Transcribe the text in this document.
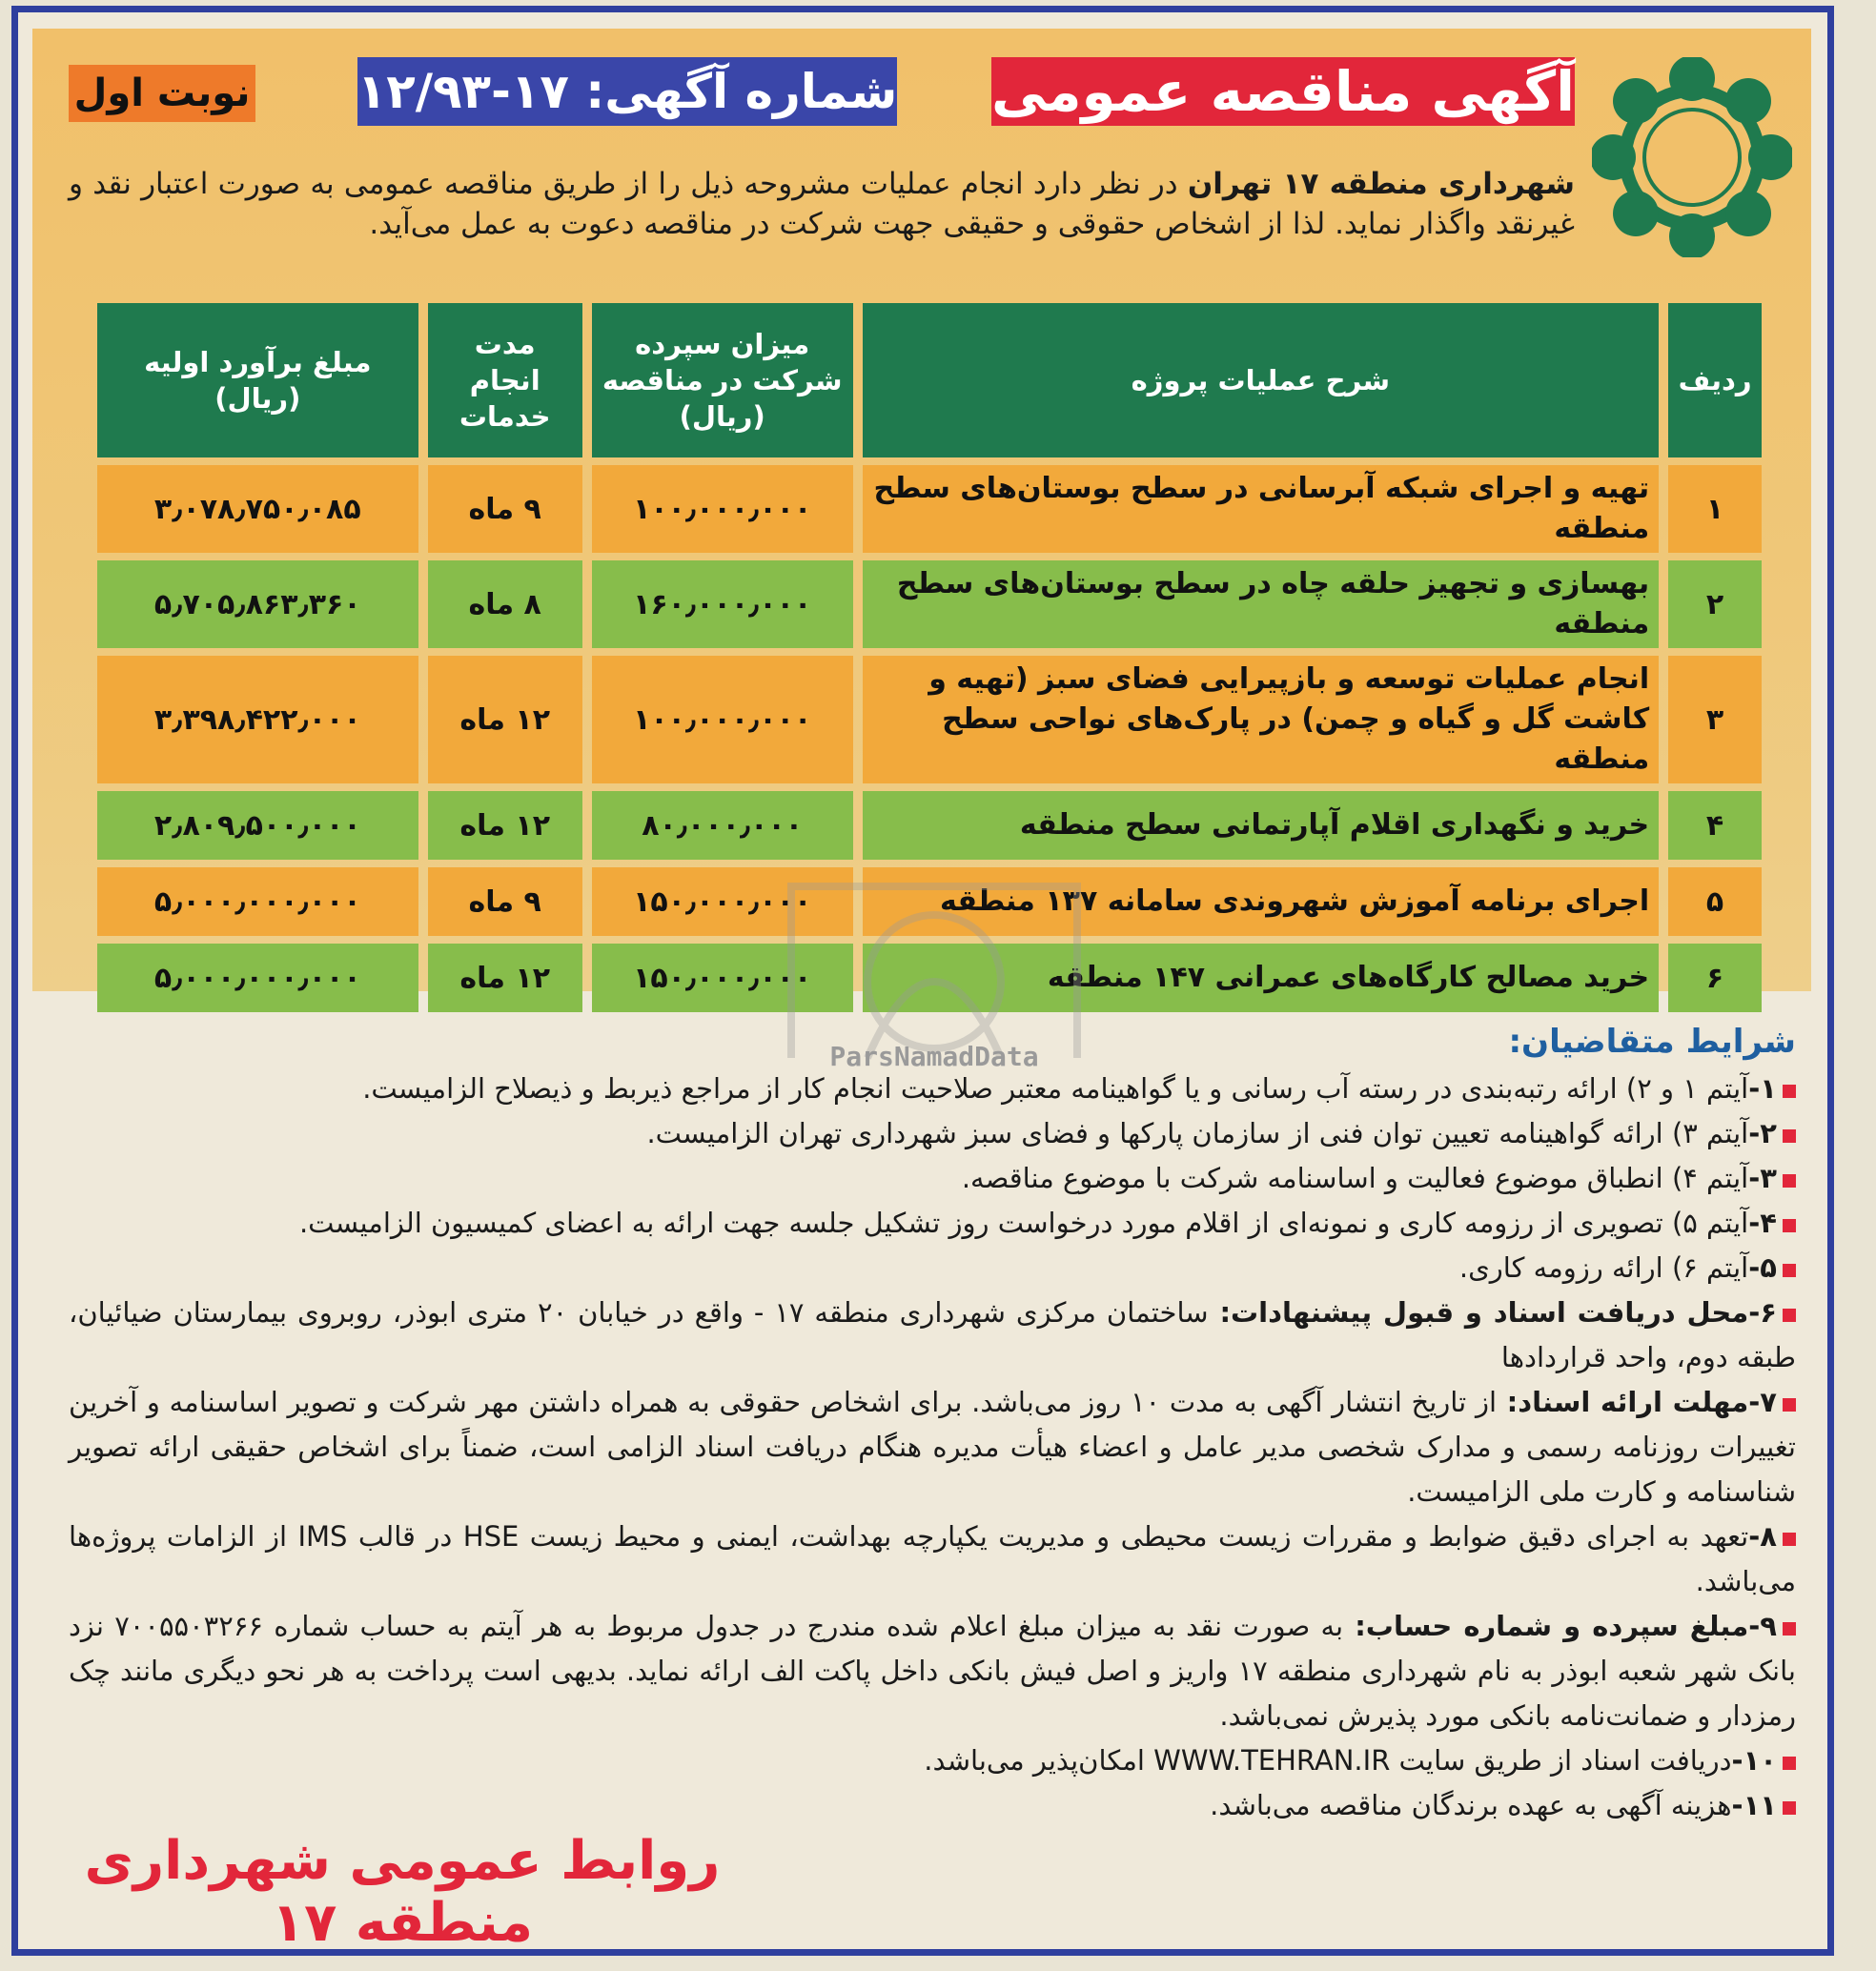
آگهی مناقصه عمومی
شماره آگهی: ۱۷-۱۲/۹۳
نوبت اول
شهرداری منطقه ۱۷ تهران در نظر دارد انجام عملیات مشروحه ذیل را از طریق مناقصه عمومی به صورت اعتبار نقد و غیرنقد واگذار نماید. لذا از اشخاص حقوقی و حقیقی جهت شرکت در مناقصه دعوت به عمل می‌آید.
ردیف	شرح عملیات پروژه	میزان سپرده شرکت در مناقصه (ریال)	مدت انجام خدمات	مبلغ برآورد اولیه (ریال)
۱	تهیه و اجرای شبکه آبرسانی در سطح بوستان‌های سطح منطقه	۱۰۰٫۰۰۰٫۰۰۰	۹ ماه	۳٫۰۷۸٫۷۵۰٫۰۸۵
۲	بهسازی و تجهیز حلقه چاه در سطح بوستان‌های سطح منطقه	۱۶۰٫۰۰۰٫۰۰۰	۸ ماه	۵٫۷۰۵٫۸۶۳٫۳۶۰
۳	انجام عملیات توسعه و بازپیرایی فضای سبز (تهیه و کاشت گل و گیاه و چمن) در پارک‌های نواحی سطح منطقه	۱۰۰٫۰۰۰٫۰۰۰	۱۲ ماه	۳٫۳۹۸٫۴۲۲٫۰۰۰
۴	خرید و نگهداری اقلام آپارتمانی سطح منطقه	۸۰٫۰۰۰٫۰۰۰	۱۲ ماه	۲٫۸۰۹٫۵۰۰٫۰۰۰
۵	اجرای برنامه آموزش شهروندی سامانه ۱۳۷ منطقه	۱۵۰٫۰۰۰٫۰۰۰	۹ ماه	۵٫۰۰۰٫۰۰۰٫۰۰۰
۶	خرید مصالح کارگاه‌های عمرانی ۱۴۷ منطقه	۱۵۰٫۰۰۰٫۰۰۰	۱۲ ماه	۵٫۰۰۰٫۰۰۰٫۰۰۰
ParsNamadData	شرایط متقاضیان:
۱-آیتم ۱ و ۲) ارائه رتبه‌بندی در رسته آب رسانی و یا گواهینامه معتبر صلاحیت انجام کار از مراجع ذیربط و ذیصلاح الزامیست.
۲-آیتم ۳) ارائه گواهینامه تعیین توان فنی از سازمان پارکها و فضای سبز شهرداری تهران الزامیست.
۳-آیتم ۴) انطباق موضوع فعالیت و اساسنامه شرکت با موضوع مناقصه.
۴-آیتم ۵) تصویری از رزومه کاری و نمونه‌ای از اقلام مورد درخواست روز تشکیل جلسه جهت ارائه به اعضای کمیسیون الزامیست.
۵-آیتم ۶) ارائه رزومه کاری.
۶-محل دریافت اسناد و قبول پیشنهادات: ساختمان مرکزی شهرداری منطقه ۱۷ - واقع در خیابان ۲۰ متری ابوذر، روبروی بیمارستان ضیائیان، طبقه دوم، واحد قراردادها
۷-مهلت ارائه اسناد: از تاریخ انتشار آگهی به مدت ۱۰ روز می‌باشد. برای اشخاص حقوقی به همراه داشتن مهر شرکت و تصویر اساسنامه و آخرین تغییرات روزنامه رسمی و مدارک شخصی مدیر عامل و اعضاء هیأت مدیره هنگام دریافت اسناد الزامی است، ضمناً برای اشخاص حقیقی ارائه تصویر شناسنامه و کارت ملی الزامیست.
۸-تعهد به اجرای دقیق ضوابط و مقررات زیست محیطی و مدیریت یکپارچه بهداشت، ایمنی و محیط زیست HSE در قالب IMS از الزامات پروژه‌ها می‌باشد.
۹-مبلغ سپرده و شماره حساب: به صورت نقد به میزان مبلغ اعلام شده مندرج در جدول مربوط به هر آیتم به حساب شماره ۷۰۰۵۵۰۳۲۶۶ نزد بانک شهر شعبه ابوذر به نام شهرداری منطقه ۱۷ واریز و اصل فیش بانکی داخل پاکت الف ارائه نماید. بدیهی است پرداخت به هر نحو دیگری مانند چک رمزدار و ضمانت‌نامه بانکی مورد پذیرش نمی‌باشد.
۱۰-دریافت اسناد از طریق سایت WWW.TEHRAN.IR امکان‌پذیر می‌باشد.
۱۱-هزینه آگهی به عهده برندگان مناقصه می‌باشد.
روابط عمومی شهرداری منطقه ۱۷
